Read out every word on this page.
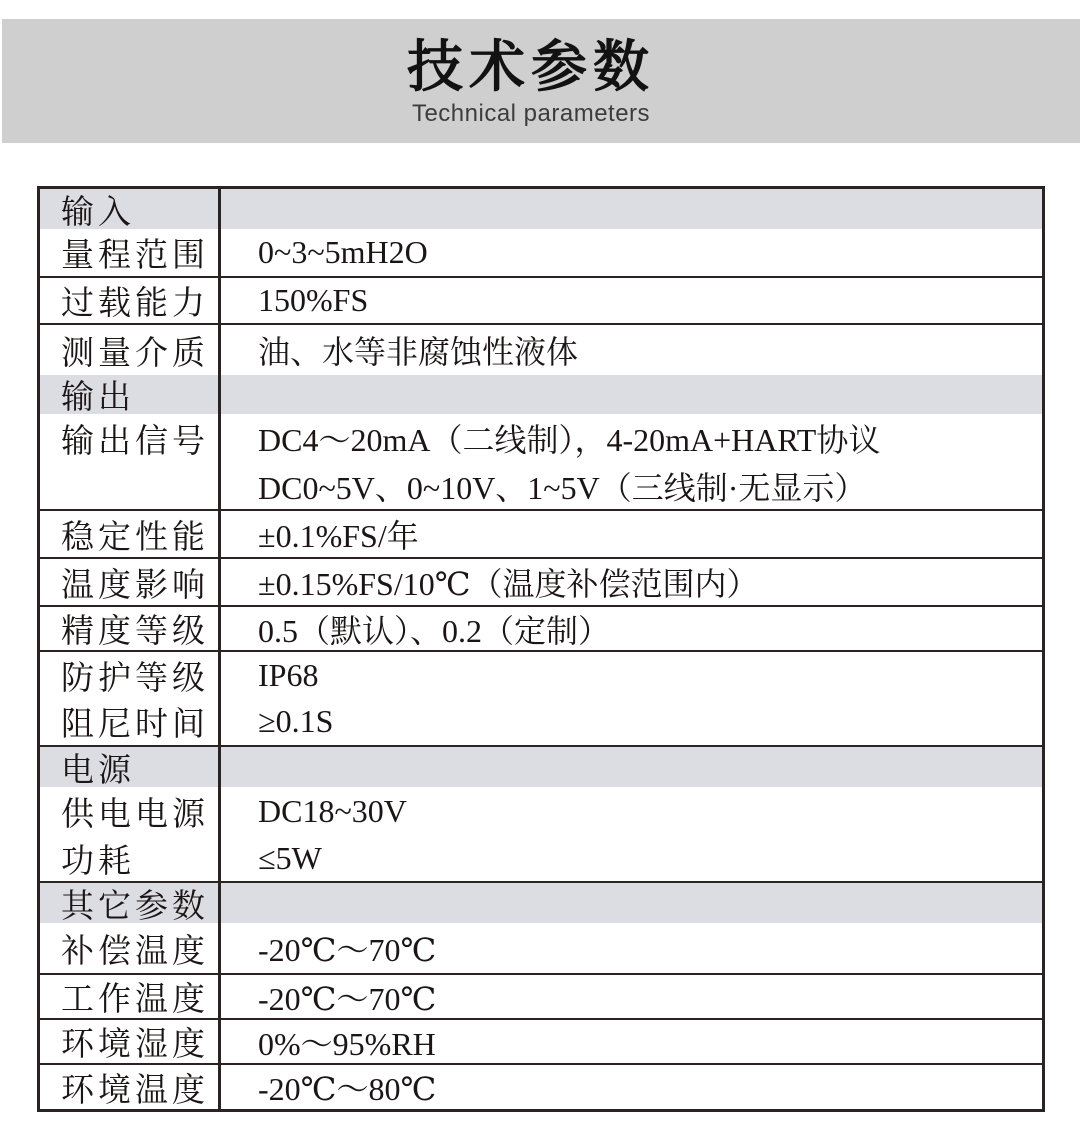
技术参数
Technical parameters
输入
量程范围	0~3~5mH2O
过载能力	150%FS
测量介质	油、水等非腐蚀性液体
输出
输出信号	DC4～20mA（二线制），4-20mA+HART协议
DC0~5V、0~10V、1~5V（三线制·无显示）
稳定性能	±0.1%FS/年
温度影响	±0.15%FS/10℃（温度补偿范围内）
精度等级	0.5（默认）、0.2（定制）
防护等级	IP68
阻尼时间	≥0.1S
电源
供电电源	DC18~30V
功耗	≤5W
其它参数
补偿温度	-20℃～70℃
工作温度	-20℃～70℃
环境湿度	0%～95%RH
环境温度	-20℃～80℃
